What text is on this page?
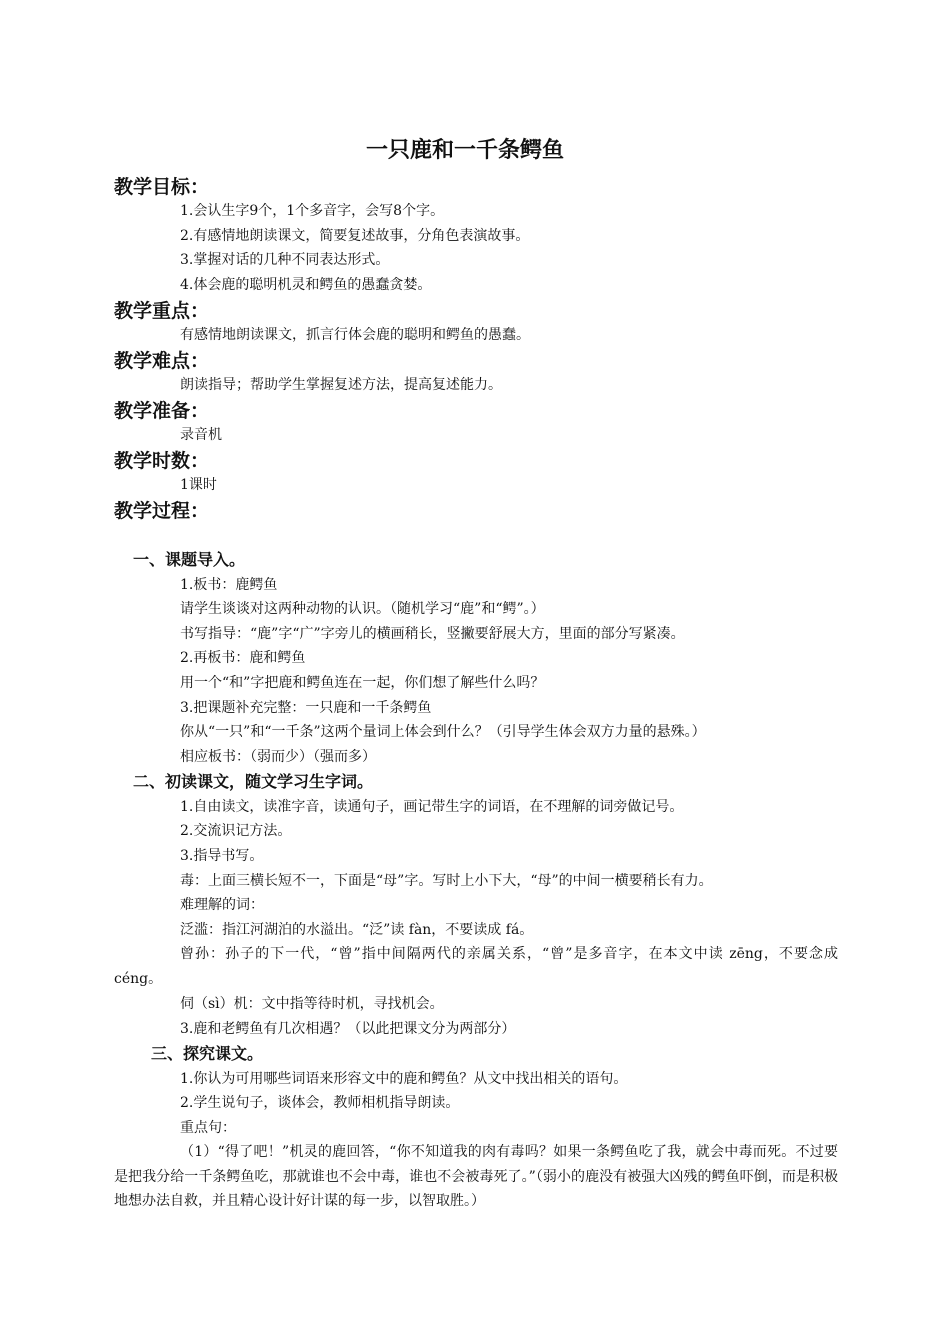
一只鹿和一千条鳄鱼
教学目标：
1.会认生字9个，1个多音字，会写8个字。
2.有感情地朗读课文，简要复述故事，分角色表演故事。
3.掌握对话的几种不同表达形式。
4.体会鹿的聪明机灵和鳄鱼的愚蠢贪婪。
教学重点：
有感情地朗读课文，抓言行体会鹿的聪明和鳄鱼的愚蠢。
教学难点：
朗读指导；帮助学生掌握复述方法，提高复述能力。
教学准备：
录音机
教学时数：
1课时
教学过程：
一、课题导入。
1.板书：鹿鳄鱼
请学生谈谈对这两种动物的认识。（随机学习“鹿”和“鳄”。）
书写指导：“鹿”字“广”字旁儿的横画稍长，竖撇要舒展大方，里面的部分写紧凑。
2.再板书：鹿和鳄鱼
用一个“和”字把鹿和鳄鱼连在一起，你们想了解些什么吗？
3.把课题补充完整：一只鹿和一千条鳄鱼
你从“一只”和“一千条”这两个量词上体会到什么？（引导学生体会双方力量的悬殊。）
相应板书：（弱而少）（强而多）
二、初读课文，随文学习生字词。
1.自由读文，读准字音，读通句子，画记带生字的词语，在不理解的词旁做记号。
2.交流识记方法。
3.指导书写。
毒：上面三横长短不一，下面是“母”字。写时上小下大，“母”的中间一横要稍长有力。
难理解的词：
泛滥：指江河湖泊的水溢出。“泛”读 fàn，不要读成 fá。

曾孙：孙子的下一代，“曾”指中间隔两代的亲属关系，“曾”是多音字，在本文中读 zēng，不要念成 céng。

伺（sì）机：文中指等待时机，寻找机会。
3.鹿和老鳄鱼有几次相遇？（以此把课文分为两部分）
三、探究课文。
1.你认为可用哪些词语来形容文中的鹿和鳄鱼？从文中找出相关的语句。
2.学生说句子，谈体会，教师相机指导朗读。
重点句：

（1）“得了吧！”机灵的鹿回答，“你不知道我的肉有毒吗？如果一条鳄鱼吃了我，就会中毒而死。不过要是把我分给一千条鳄鱼吃，那就谁也不会中毒，谁也不会被毒死了。”（弱小的鹿没有被强大凶残的鳄鱼吓倒，而是积极地想办法自救，并且精心设计好计谋的每一步，以智取胜。）
